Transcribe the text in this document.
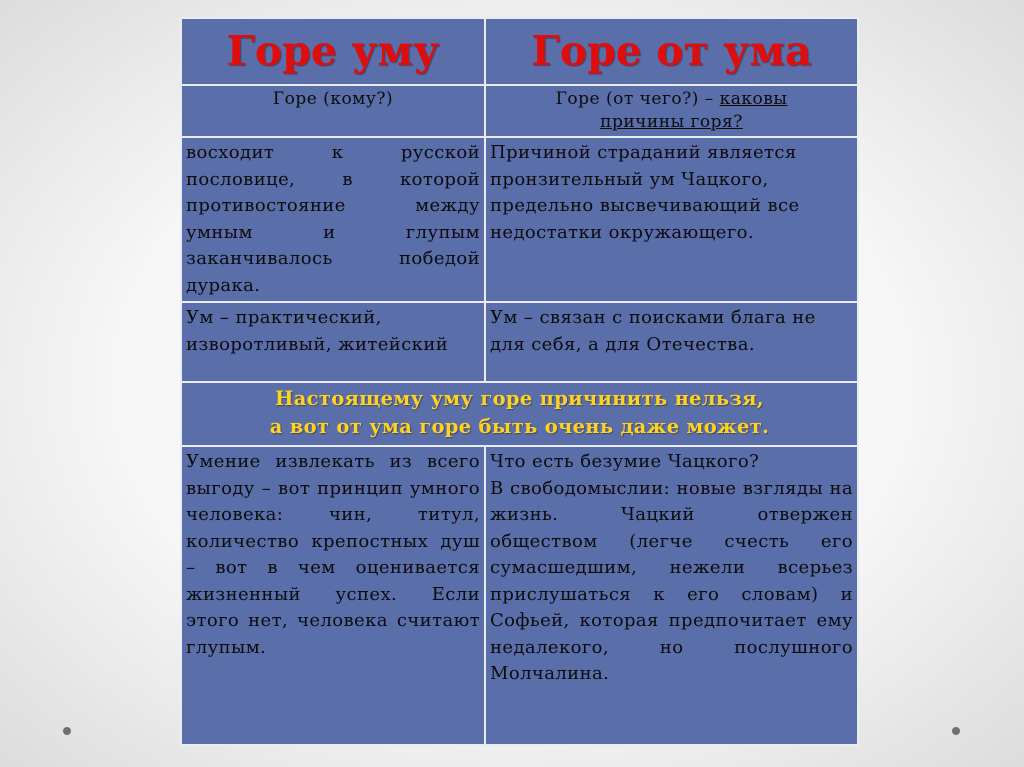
Горе уму	Горе от ума

Горе (кому?)	Горе (от чего?) – каковы
причины горя?
восходит к русской пословице, в которой противостояние между умным и глупым заканчивалось победой дурака.	Причиной страданий является пронзительный ум Чацкого, предельно высвечивающий все недостатки окружающего.
Ум – практический, изворотливый, житейский	Ум – связан с поисками блага не для себя, а для Отечества.

Настоящему уму горе причинить нельзя,
а вот от ума горе быть очень даже может.	

Умение извлекать из всего выгоду – вот принцип умного человека: чин, титул, количество крепостных душ – вот в чем оценивается жизненный успех. Если этого нет, человека считают глупым.	Что есть безумие Чацкого?
В свободомыслии: новые взгляды на жизнь. Чацкий отвержен обществом (легче счесть его сумасшедшим, нежели всерьез прислушаться к его словам) и Софьей, которая предпочитает ему недалекого, но послушного Молчалина.
